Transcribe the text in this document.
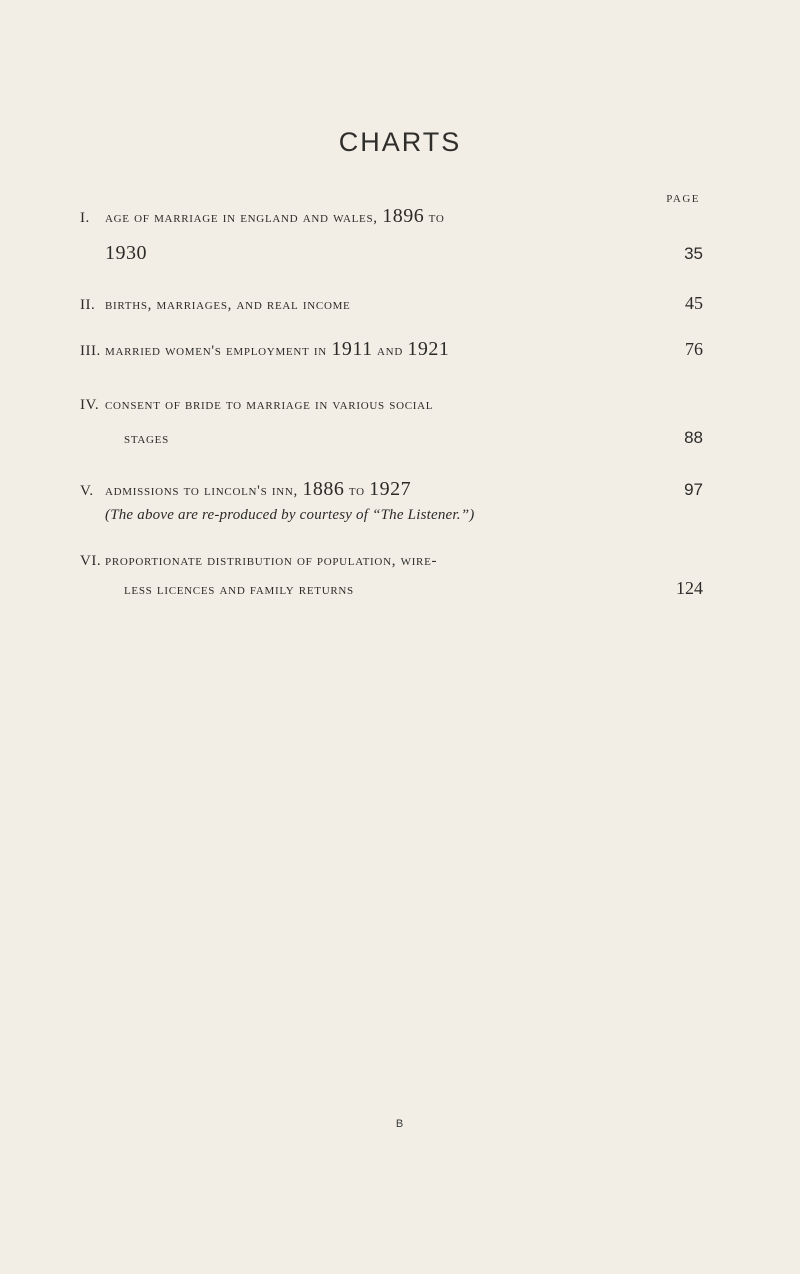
CHARTS
PAGE
I.	age of marriage in england and wales, 1896 to
1930	35
II. births, marriages, and real income	45
III. married women's employment in 1911 and 1921	76
IV. consent of bride to marriage in various social
stages	88
V. admissions to lincoln's inn, 1886 to 1927	97
(The above are re-produced by courtesy of “The Listener.”)
VI. proportionate distribution of population, wire-
less licences and family returns	124
B
